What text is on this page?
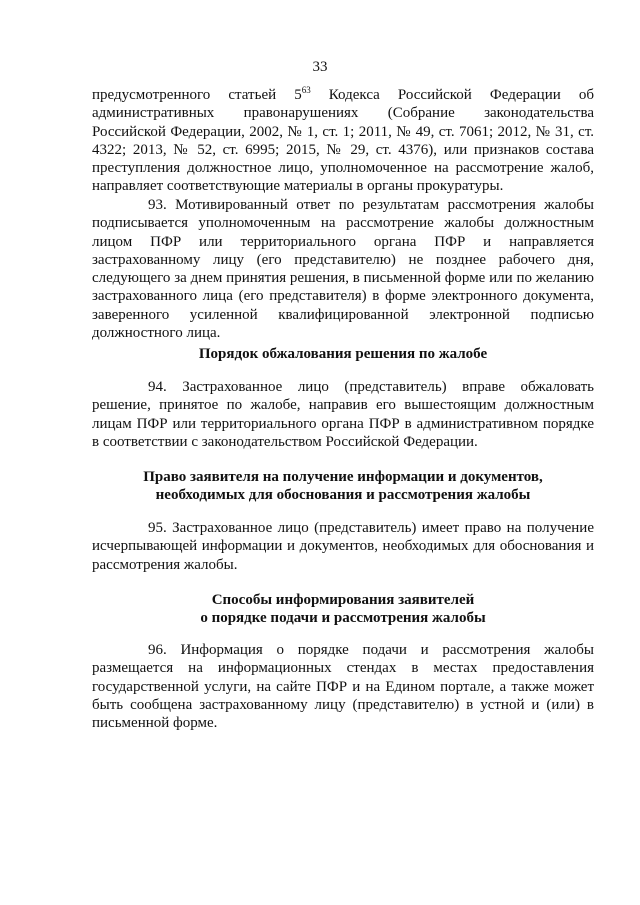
33

предусмотренного статьей $5^{63}$ Кодекса Российской Федерации об административных правонарушениях (Собрание законодательства Российской Федерации, 2002, № 1, ст. 1; 2011, № 49, ст. 7061; 2012, № 31, ст. 4322; 2013, № 52, ст. 6995; 2015, № 29, ст. 4376), или признаков состава преступления должностное лицо, уполномоченное на рассмотрение жалоб, направляет соответствующие материалы в органы прокуратуры.

93. Мотивированный ответ по результатам рассмотрения жалобы подписывается уполномоченным на рассмотрение жалобы должностным лицом ПФР или территориального органа ПФР и направляется застрахованному лицу (его представителю) не позднее рабочего дня, следующего за днем принятия решения, в письменной форме или по желанию застрахованного лица (его представителя) в форме электронного документа, заверенного усиленной квалифицированной электронной подписью должностного лица.

Порядок обжалования решения по жалобе

94. Застрахованное лицо (представитель) вправе обжаловать решение, принятое по жалобе, направив его вышестоящим должностным лицам ПФР или территориального органа ПФР в административном порядке в соответствии с законодательством Российской Федерации.

Право заявителя на получение информации и документов,
необходимых для обоснования и рассмотрения жалобы

95. Застрахованное лицо (представитель) имеет право на получение исчерпывающей информации и документов, необходимых для обоснования и рассмотрения жалобы.

Способы информирования заявителей
о порядке подачи и рассмотрения жалобы

96. Информация о порядке подачи и рассмотрения жалобы размещается на информационных стендах в местах предоставления государственной услуги, на сайте ПФР и на Едином портале, а также может быть сообщена застрахованному лицу (представителю) в устной и (или) в письменной форме.
